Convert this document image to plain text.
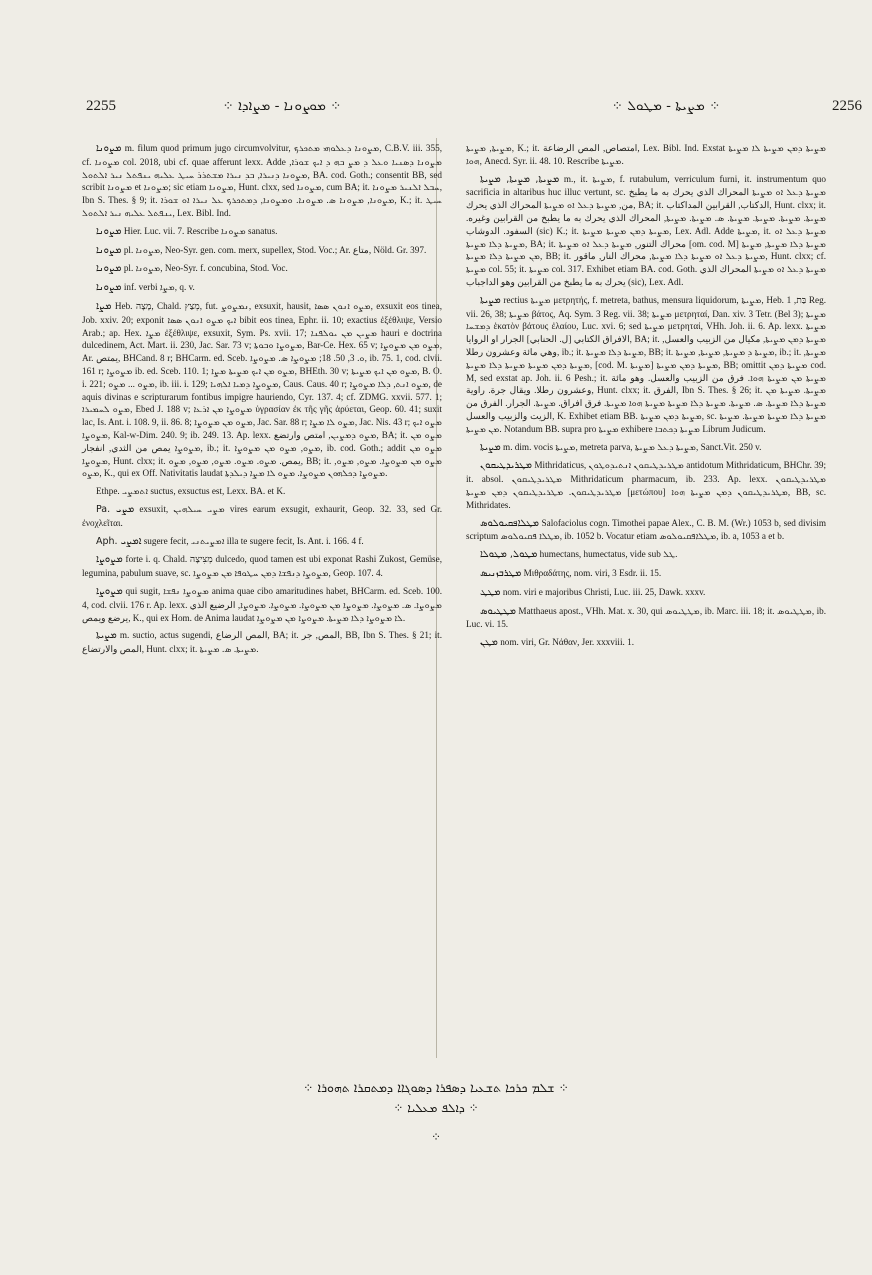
2255	⁘ ܡܘܨܘܢܐ - ܡܨܐܕܐ ⁘	⁘ ܡܨܝܬܐ - ܡܛܘܠ ⁘	2256

ܡܨܘܢܐ m. filum quod primum jugo circumvolvitur, ܡܨܘܢܐ ܕܥܠܘܗܝ ܡܬܟܪܟ, C.B.V. iii. 355, cf. ܡܨܘܢܐ col. 2018, ubi cf. quae afferunt lexx. Adde ܡܨܘܢܐ ܕܣܢܝܐ ܘܥܠ ܕ ܡܨ ܒܗ ܕ ܐܝܟ ܫܘܪܐ, ܡܨܘܢܐ ܕܢܝܪܐ, ܒܕ ܢܝܪܐ ܡܫܬܪܪ ܚܝܛ ܥܠܝܗ ܝܢܦܬܠ ܢܝܪ ܐܠܬܘܠ, BA. cod. Goth.; consentit BB, sed scribit ܡܨܘܢܐ et ܡܨܘܢܐ; sic etiam ܡܨܘܢܐ, Hunt. clxx, sed ܡܨܘܢܐ, cum BA; it. ܚܒܠ ܐܠܢܝܪ ܡܨܘܢܐ, Ibn S. Thes. § 9; it. ܡܨܘܢܐ, ܡܨܘܢܐ ܣ. ܡܨܘܢܐ. ܘܡܨܘܢܐ, ܕܡܬܟܪܟ ܥܠ ܢܝܪܐ ܐܘ ܫܘܪܐ, K.; it. ܚܝܛ ܝܢܦܬܠ ܥܠܝܗ ܢܝܪ ܐܠܬܘܠ, Lex. Bibl. Ind.

ܡܨܘܢܐ Hier. Luc. vii. 7. Rescribe ܡܨܘܢܐ sanatus.

ܡܨܘܢܐ pl. ܡܨܘܢܐ, Neo-Syr. gen. com. merx, supellex, Stod. Voc.; Ar. متاع, Nöld. Gr. 397.

ܡܨܘܢܐ pl. ܡܨܘܢܐ, Neo-Syr. f. concubina, Stod. Voc.

ܡܨܘܢܐ inf. verbi ܡܨܐ, q. v.

ܡܨܐ Heb. מָצָה, Chald. מְצַץ, fut. ܢܡܨܘܨ, exsuxit, hausit, ܡܨܘ ܐܢܘܢ ܣܣܐ, exsuxit eos tinea, Job. xxiv. 20; exponit ܐܝܟ ܡܨܘ ܐܢܘܢ ܣܣܐ bibit eos tinea, Ephr. ii. 10; exactius ἐξέθλιψε, Versio Arab.; ap. Hex. ܡܨܐ ἐξέθλιψε, exsuxit, Sym. Ps. xvii. 17; ܡܨܝܢ ܡܢ ܝܘܠܦܢܐ hauri e doctrina dulcedinem, Act. Mart. ii. 230, Jac. Sar. 73 v; ܡܨܘܨܐ ܘܒܘܬܐ, Bar-Ce. Hex. 65 v; ܡܨܘ ܡܢ ܡܨܘܨܐ, Ar. يمتص, BHCand. 8 r; BHCarm. ed. Sceb. ܘ. 3, 50. 18; ܡܨܘܨܐ ܣ. ܡܨܘܨܐ, ib. 75. 1, cod. clvii. 161 r; ܡܨܘܨܐ ib. ed. Sceb. 110. 1; ܡܨܘ ܡܢ ܐܝܟ ܡܨܝܬܐ ܡܨܐ, BHEth. 30 v; ܡܨܘ ܡܢ ܐܝܟ ܡܨܝܬܐ, B. O. i. 221; ܡܨܘ ... ܡܨܘ, ib. iii. i. 129; ܡܨܘܨܐ ܕܡܝܐ ܐܠܗܝܐ, Caus. Caus. 40 r; ܡܨܘ ܐܢܬ, ܕܠܐ ܡܨܘܨܐ, de aquis divinas e scripturarum fontibus impigre hauriendo, Cyr. 137. 4; cf. ZDMG. xxvii. 577. 1; ܡܨܘ ܠܚܡܝܪܐ, Ebed J. 188 v; ܡܨܘܨܐ ܡܢ ܐܪܥܐ ὑγρασίαν ἐκ τῆς γῆς ἀρύεται, Geop. 60. 41; suxit lac, Is. Ant. i. 108. 9, ii. 86. 8; ܡܨܘ ܡܢ ܡܨܘܨܐ, Jac. Sar. 88 r; ܡܨܘ ܠܐ ܡܨܐ, Jac. Nis. 43 r; ܡܨܘ ܐܝܟ ܡܨܘܨܐ, Kal-w-Dim. 240. 9; ib. 249. 13. Ap. lexx. ܡܨܘ ܕܡܨܝܢ, امتص وارتضع, BA; it. ܡܨܘ ܡܢ ܡܨܘܨܐ يمص من الثدي, انفجار, ib.; it. ܡܨܘ, ܡܨܘ ܡܢ ܡܨܘܨܐ, ib. cod. Goth.; addit ܡܨܘ ܡܢ ܡܨܘܨܐ, Hunt. clxx; it. يمص. ܡܨܘ. ܡܨܘ. ܡܨܘ, ܡܨܘ, ܡܨܘ, BB; it. ܡܨܘ ܡܢ ܡܨܘܨܐ. ܡܨܘ, ܡܨܘ, ܡܨܘ, K., qui ex Off. Nativitatis laudat ܡܨܘܨܐ ܕܟܠܗܘܢ ܡܨܘܨܐ. ܡܨܘ ܠܐ ܡܨܐ ܕܝܠܕܬܐ.

Ethpe. ܐܬܡܨܝ suctus, exsuctus est, Lexx. BA. et K.

Pa. ܡܨܝ exsuxit, ܡܨܝ ܚܝܠܗܝܢ vires earum exsugit, exhaurit, Geop. 32. 33, sed Gr. ἐνοχλεῖται.

Aph. ܐܡܨܝ sugere fecit, ܐܡܨܝܬܢܝ illa te sugere fecit, Is. Ant. i. 166. 4 f.

ܡܨܘܨܐ forte i. q. Chald. מְצִיצָה dulcedo, quod tamen est ubi exponat Rashi Zukost, Gemüse, legumina, pabulum suave, sc. ܡܨܘܨܐ ܕܢܦܫܐ ܕܡܢ ܚܛܘܦܐ ܡܢ ܡܨܘܨܐ, Geop. 107. 4.

ܡܨܘܨܐ qui sugit, ܡܨܘܨܐ ܢܦܫܐ anima quae cibo amaritudines habet, BHCarm. ed. Sceb. 100. 4, cod. clvii. 176 r. Ap. lexx. ܡܨܘܨܐ. ܣ. ܡܨܘܨܐ. ܡܨܘܨܐ ܡܢ ܡܨܘܨܐ. ܡܨܘܨܐ. ܡܨܘܨܐ, الرضيع الذي يرضع ويمص, K., qui ex Hom. de Anima laudat ܠܐ ܡܨܘܨܐ ܕܠܐ ܡܨܝܬܐ. ܡܨܘܨܐ ܡܢ ܡܨܘܨܐ.

ܡܨܝܬܐ m. suctio, actus sugendi, المص الرضاع, BA; it. المص, جر, BB, Ibn S. Thes. § 21; it. المص والارتضاع, Hunt. clxx; it. ܡܨܝܬܐ. ܣ. ܡܨܝܬܐ.

ܡܨܝܬܐ, ܡܨܝܬܐ, K.; it. امتصاص, المص الرضاعة, Lex. Bibl. Ind. Exstat ܡܨܝܬܐ ܕܡܢ ܡܨܝܬܐ ܠܐ ܡܨܝܬܐ ܗܘܐ, Anecd. Syr. ii. 48. 10. Rescribe ܡܨܝܬܐ.

ܡܨܝܬܐ, ܡܨܝܬܐ, ܡܨܝܬܐ m., it. ܡܨܝܬܐ, f. rutabulum, verriculum furni, it. instrumentum quo sacrificia in altaribus huc illuc vertunt, sc. ܡܨܝܬܐ ܕܥܠ ܐܘ ܡܨܝܬܐ المحراك الذي يحرك به ما يطبخ من, ܡܨܝܬܐ ܕܥܠ ܐܘ ܡܨܝܬܐ المحراك الذي يحرك, BA; it. الدكتاب, القرابين المداكتاب, Hunt. clxx; it. ܡܨܝܬܐ. ܡܨܝܬܐ. ܡܨܝܬܐ. ܡܨܝܬܐ. ܣ. ܡܨܝܬܐ. ܡܨܝܬܐ, المحراك الذي يحرك به ما يطبخ من القرابين وغيره. السفود. الدوشاب (sic) K.; it. ܡܨܝܬܐ ܕܡܢ ܡܨܝܬܐ ܡܨܝܬܐ, Lex. Adl. Adde ܡܨܝܬܐ, it. ܡܨܝܬܐ ܕܥܠ ܐܘ ܡܨܝܬܐ ܕܠܐ ܡܨܝܬܐ, BA; it. محراك التنور, ܡܨܝܬܐ ܕܥܠ ܐܘ ܡܨܝܬܐ [om. cod. M] ܡܨܝܬܐ ܕܠܐ ܡܨܝܬܐ, ܡܨܝܬܐ ܡܢ ܡܨܝܬܐ ܕܠܐ ܡܨܝܬܐ, BB; it. ܡܨܝܬܐ ܕܥܠ ܐܘ ܡܨܝܬܐ ܕܠܐ ܡܨܝܬܐ, محراك النار, ماقور, Hunt. clxx; cf. ܡܨܝܬܐ col. 55; it. ܡܨܝܬܐ col. 317. Exhibet etiam BA. cod. Goth. ܡܨܝܬܐ ܕܥܠ ܐܘ ܡܨܝܬܐ المحراك الذي يحرك به ما يطبخ من القرابين وهو الداجباب (sic), Lex. Adl.

ܡܨܝܬܐ rectius ܡܨܝܬܐ μετρητής, f. metreta, bathus, mensura liquidorum, ܡܨܝܬܐ, Heb. בַּת, 1 Reg. vii. 26, 38; ܡܨܝܬܐ βάτος, Aq. Sym. 3 Reg. vii. 38; ܡܨܝܬܐ μετρηταί, Dan. xiv. 3 Tetr. (Bel 3); ܡܨܝܬܐ ܕܡܫܚܐ ἑκατὸν βάτους ἐλαίου, Luc. xvi. 6; sed ܡܨܝܬܐ μετρηταί, VHh. Joh. ii. 6. Ap. lexx. ܡܨܝܬܐ الافراق الكتابي [ل. الحنابي] الجرار او الروايا, BA; it. ܡܨܝܬܐ ܕܡܢ ܡܨܝܬܐ, مكيال من الزبيب والعسل, وهي مائة وعشرون رطلا, ib.; it. ܡܨܝܬܐ ܕܠܐ ܡܨܝܬܐ, BB; it. ܡܨܝܬܐ ܕ ܡܨܝܬܐ, ܡܨܝܬܐ, ܡܨܝܬܐ, ib.; it. ܡܨܝܬܐ, ܡܨܝܬܐ ܕܡܢ ܡܨܝܬܐ ܡܨܝܬܐ ܕܠܐ ܡܨܝܬܐ, [cod. M. ܡܨܝܬܐ] ܡܨܝܬܐ ܕܡܢ ܡܨܝܬܐ, BB; omittit ܡܨܝܬܐ ܕܡܢ cod. M, sed exstat ap. Joh. ii. 6 Pesh.; it. ܡܨܝܬܐ ܡܢ ܡܨܝܬܐ ܗܘܐ. فرق من الزبيب والعسل. وهو مائة وعشرون رطلا. ويقال جرة. راوية, Hunt. clxx; it. الفرق, Ibn S. Thes. § 26; it. ܡܨܝܬܐ. ܡܨܝܬܐ ܡܢ ܡܨܝܬܐ ܕܠܐ ܡܨܝܬܐ. ܣ. ܡܨܝܬܐ. ܡܨܝܬܐ ܕܠܐ ܡܨܝܬܐ ܡܨܝܬܐ ܗܘܐ ܡܨܝܬܐ. فرق افراق. ܡܨܝܬܐ. الجرار. الفرق من الزيت والزبيب والعسل, K. Exhibet etiam BB. ܡܨܝܬܐ ܕܡܢ ܡܨܝܬܐ, sc. ܡܨܝܬܐ ܕܠܐ ܡܨܝܬܐ ܡܨܝܬܐ. ܡܨܝܬܐ ܡܢ ܡܨܝܬܐ. Notandum BB. supra pro ܡܨܝܬܐ exhibere ܡܨܝܬܐ ܕܟܬܒܐ Librum Judicum.

ܡܨܝܬܐ m. dim. vocis ܡܨܝܬܐ, metreta parva, ܡܨܝܬܐ ܕܥܠ ܡܨܝܬܐ, Sanct.Vit. 250 v.

ܡܛܪܝܕܛܝܩܘܢ Mithridaticus, ܡܛܪܝܕܛܝܩܘܢ ܐܢܬܝܕܘܛܘܢ antidotum Mithridaticum, BHChr. 39; it. absol. ܡܛܪܝܕܛܝܩܘܢ Mithridaticum pharmacum, ib. 233. Ap. lexx. ܡܛܪܝܕܛܝܩܘܢ ܡܛܪܝܕܛܝܩܘܢ. ܡܛܪܝܕܛܝܩܘܢ ܕܡܢ ܡܨܝܬܐ [μετώπου] ܡܛܪܝܕܛܝܩܘܢ ܕܡܢ ܡܨܝܬܐ ܗܘܐ, BB, sc. Mithridates.

ܡܛܠܐܦܩܝܘܠܘܣ Salofaciolus cogn. Timothei papae Alex., C. B. M. (Wr.) 1053 b, sed divisim scriptum ܡܛܠܐ ܦܩܝܘܠܘܣ, ib. 1052 b. Vocatur etiam ܡܛܠܐܦܩܝܘܠܘܣ, ib. a, 1053 a et b.

ܡܛܘܠ, ܡܛܘܠܐ humectans, humectatus, vide sub ܛܠ.

ܡܛܪܒܙܢܝܣ Μιθραδάτης, nom. viri, 3 Esdr. ii. 15.

ܡܛܛ nom. viri e majoribus Christi, Luc. iii. 25, Dawk. xxxv.

ܡܛܛܝܘܣ Matthaeus apost., VHh. Mat. x. 30, qui ܡܛܛܝܘܣ, ib. Marc. iii. 18; it. ܡܛܛܝܘܣ, ib. Luc. vi. 15.

ܡܛܢ nom. viri, Gr. Νάθαν, Jer. xxxviii. 1.

⁘ ܫܠܡ ܟܪܟܐ ܬܫܥܝܐ ܕܣܦܪܐ ܕܣܘܓܐܐ ܕܡܬܩܪܐ ܬܗܘܪܐ ⁘
⁘ ܕܐܠܦ ܡܥܠܝܐ ⁘
⁘
